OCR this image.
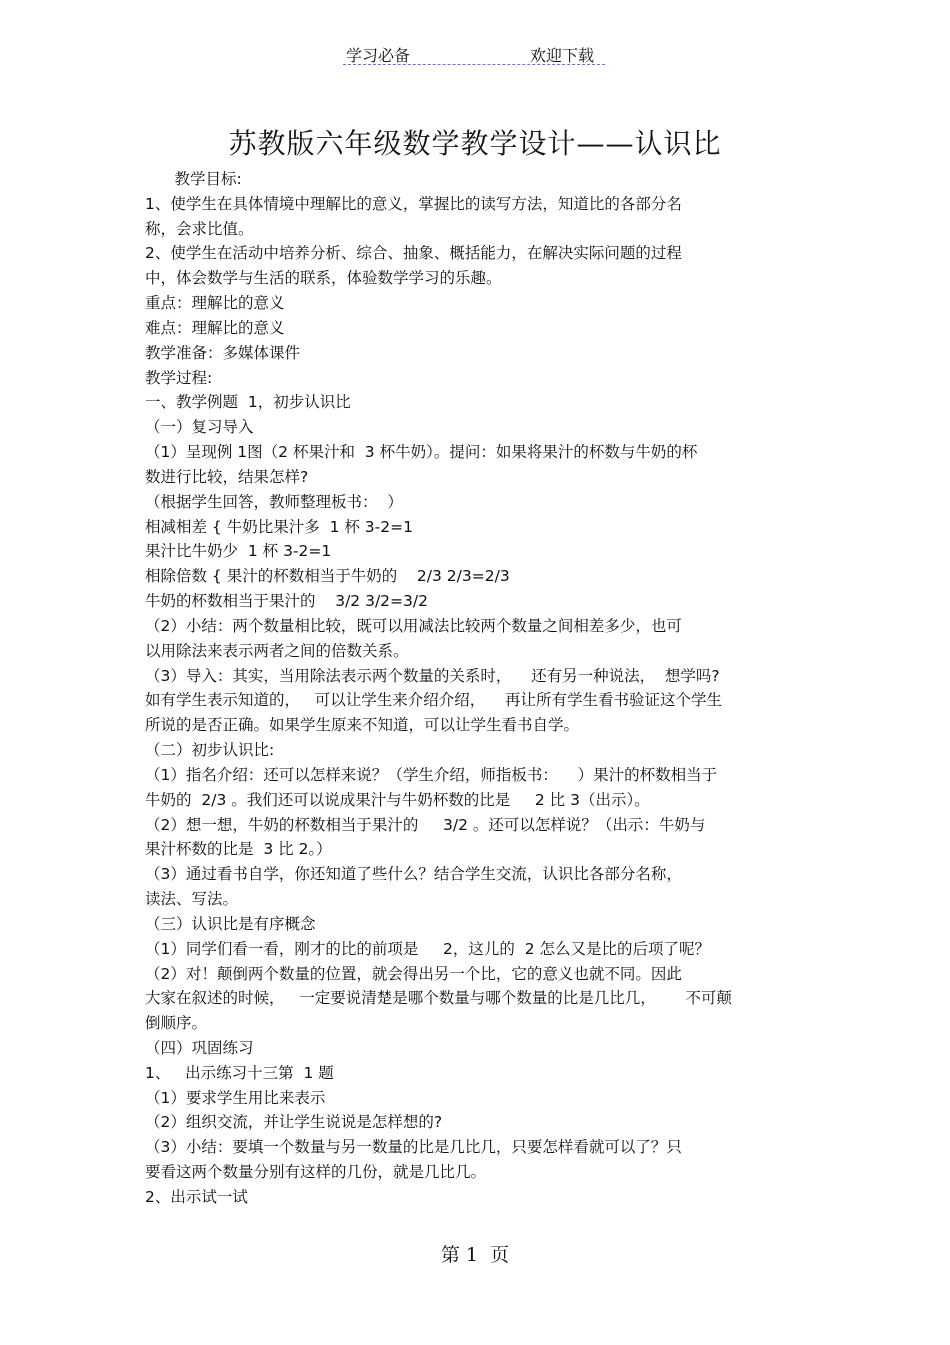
学习必备	欢迎下载
苏教版六年级数学教学设计——认识比
教学目标:
1、使学生在具体情境中理解比的意义，掌握比的读写方法，知道比的各部分名
称，会求比值。
2、使学生在活动中培养分析、综合、抽象、概括能力，在解决实际问题的过程
中，体会数学与生活的联系，体验数学学习的乐趣。
重点：理解比的意义
难点：理解比的意义
教学准备：多媒体课件
教学过程:
一、教学例题  1，初步认识比
（一）复习导入
（1）呈现例 1图（2 杯果汁和  3 杯牛奶）。提问：如果将果汁的杯数与牛奶的杯
数进行比较，结果怎样?
（根据学生回答，教师整理板书：  ）
相减相差 { 牛奶比果汁多  1 杯 3-2=1
果汁比牛奶少  1 杯 3-2=1
相除倍数 { 果汁的杯数相当于牛奶的    2/3 2/3=2/3
牛奶的杯数相当于果汁的    3/2 3/2=3/2
（2）小结：两个数量相比较，既可以用减法比较两个数量之间相差多少，也可
以用除法来表示两者之间的倍数关系。
（3）导入：其实，当用除法表示两个数量的关系时，    还有另一种说法，  想学吗?
如有学生表示知道的，   可以让学生来介绍介绍，    再让所有学生看书验证这个学生
所说的是否正确。如果学生原来不知道，可以让学生看书自学。
（二）初步认识比:
（1）指名介绍：还可以怎样来说？（学生介绍，师指板书：    ）果汁的杯数相当于
牛奶的  2/3 。我们还可以说成果汁与牛奶杯数的比是     2 比 3（出示）。
（2）想一想，牛奶的杯数相当于果汁的     3/2 。还可以怎样说？（出示：牛奶与
果汁杯数的比是  3 比 2。）
（3）通过看书自学，你还知道了些什么？结合学生交流，认识比各部分名称，
读法、写法。
（三）认识比是有序概念
（1）同学们看一看，刚才的比的前项是     2，这儿的  2 怎么又是比的后项了呢？
（2）对！颠倒两个数量的位置，就会得出另一个比，它的意义也就不同。因此
大家在叙述的时候，   一定要说清楚是哪个数量与哪个数量的比是几比几，      不可颠
倒顺序。
（四）巩固练习
1、   出示练习十三第  1 题
（1）要求学生用比来表示
（2）组织交流，并让学生说说是怎样想的?
（3）小结：要填一个数量与另一数量的比是几比几，只要怎样看就可以了？只
要看这两个数量分别有这样的几份，就是几比几。
2、出示试一试
第 1  页
